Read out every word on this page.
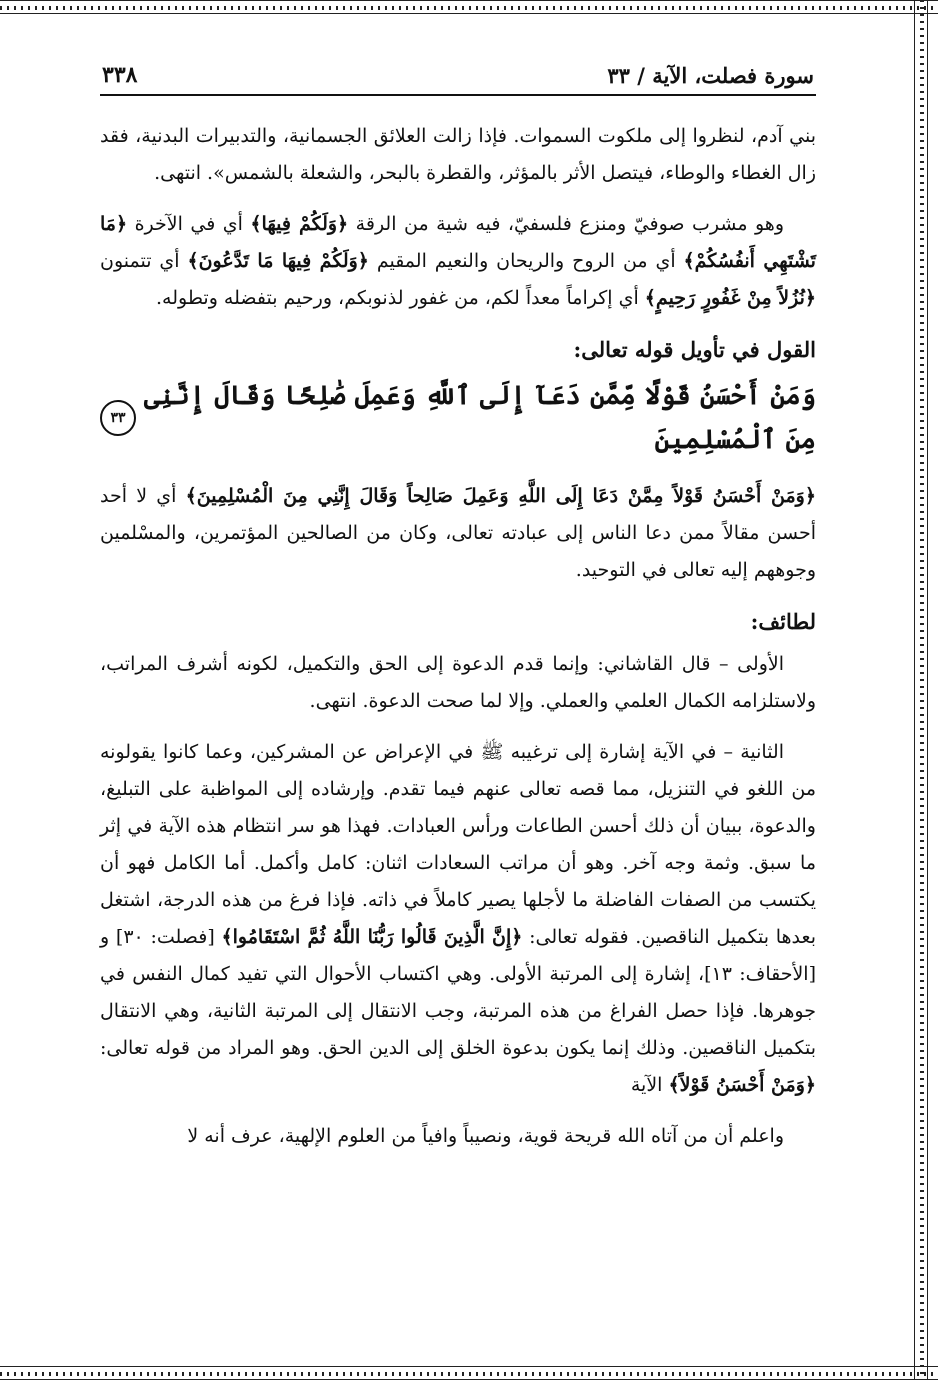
سورة فصلت، الآية / ٣٣
٣٣٨

بني آدم، لنظروا إلى ملكوت السموات. فإذا زالت العلائق الجسمانية، والتدبيرات البدنية، فقد زال الغطاء والوطاء، فيتصل الأثر بالمؤثر، والقطرة بالبحر، والشعلة بالشمس». انتهى.

وهو مشرب صوفيّ ومنزع فلسفيّ، فيه شية من الرقة ﴿وَلَكُمْ فِيهَا﴾ أي في الآخرة ﴿مَا تَشْتَهِي أَنفُسُكُمْ﴾ أي من الروح والريحان والنعيم المقيم ﴿وَلَكُمْ فِيهَا مَا تَدَّعُونَ﴾ أي تتمنون ﴿نُزُلاً مِنْ غَفُورٍ رَحِيمٍ﴾ أي إكراماً معداً لكم، من غفور لذنوبكم، ورحيم بتفضله وتطوله.

القول في تأويل قوله تعالى:
وَمَنْ أَحْسَنُ قَوْلًا مِّمَّن دَعَآ إِلَى ٱللَّهِ وَعَمِلَ صَٰلِحًا وَقَالَ إِنَّنِى مِنَ ٱلْمُسْلِمِينَ
٣٣

﴿وَمَنْ أَحْسَنُ قَوْلاً مِمَّنْ دَعَا إِلَى اللَّهِ وَعَمِلَ صَالِحاً وَقَالَ إِنَّنِي مِنَ الْمُسْلِمِينَ﴾ أي لا أحد أحسن مقالاً ممن دعا الناس إلى عبادته تعالى، وكان من الصالحين المؤتمرين، والمسْلمين وجوههم إليه تعالى في التوحيد.

لطائف:

الأولى – قال القاشاني: وإنما قدم الدعوة إلى الحق والتكميل، لكونه أشرف المراتب، ولاستلزامه الكمال العلمي والعملي. وإلا لما صحت الدعوة. انتهى.

الثانية – في الآية إشارة إلى ترغيبه ﷺ في الإعراض عن المشركين، وعما كانوا يقولونه من اللغو في التنزيل، مما قصه تعالى عنهم فيما تقدم. وإرشاده إلى المواظبة على التبليغ، والدعوة، ببيان أن ذلك أحسن الطاعات ورأس العبادات. فهذا هو سر انتظام هذه الآية في إثر ما سبق. وثمة وجه آخر. وهو أن مراتب السعادات اثنان: كامل وأكمل. أما الكامل فهو أن يكتسب من الصفات الفاضلة ما لأجلها يصير كاملاً في ذاته. فإذا فرغ من هذه الدرجة، اشتغل بعدها بتكميل الناقصين. فقوله تعالى: ﴿إِنَّ الَّذِينَ قَالُوا رَبُّنَا اللَّهُ ثُمَّ اسْتَقَامُوا﴾ [فصلت: ٣٠] و [الأحقاف: ١٣]، إشارة إلى المرتبة الأولى. وهي اكتساب الأحوال التي تفيد كمال النفس في جوهرها. فإذا حصل الفراغ من هذه المرتبة، وجب الانتقال إلى المرتبة الثانية، وهي الانتقال بتكميل الناقصين. وذلك إنما يكون بدعوة الخلق إلى الدين الحق. وهو المراد من قوله تعالى: ﴿وَمَنْ أَحْسَنُ قَوْلاً﴾ الآية

واعلم أن من آتاه الله قريحة قوية، ونصيباً وافياً من العلوم الإلهية، عرف أنه لا
